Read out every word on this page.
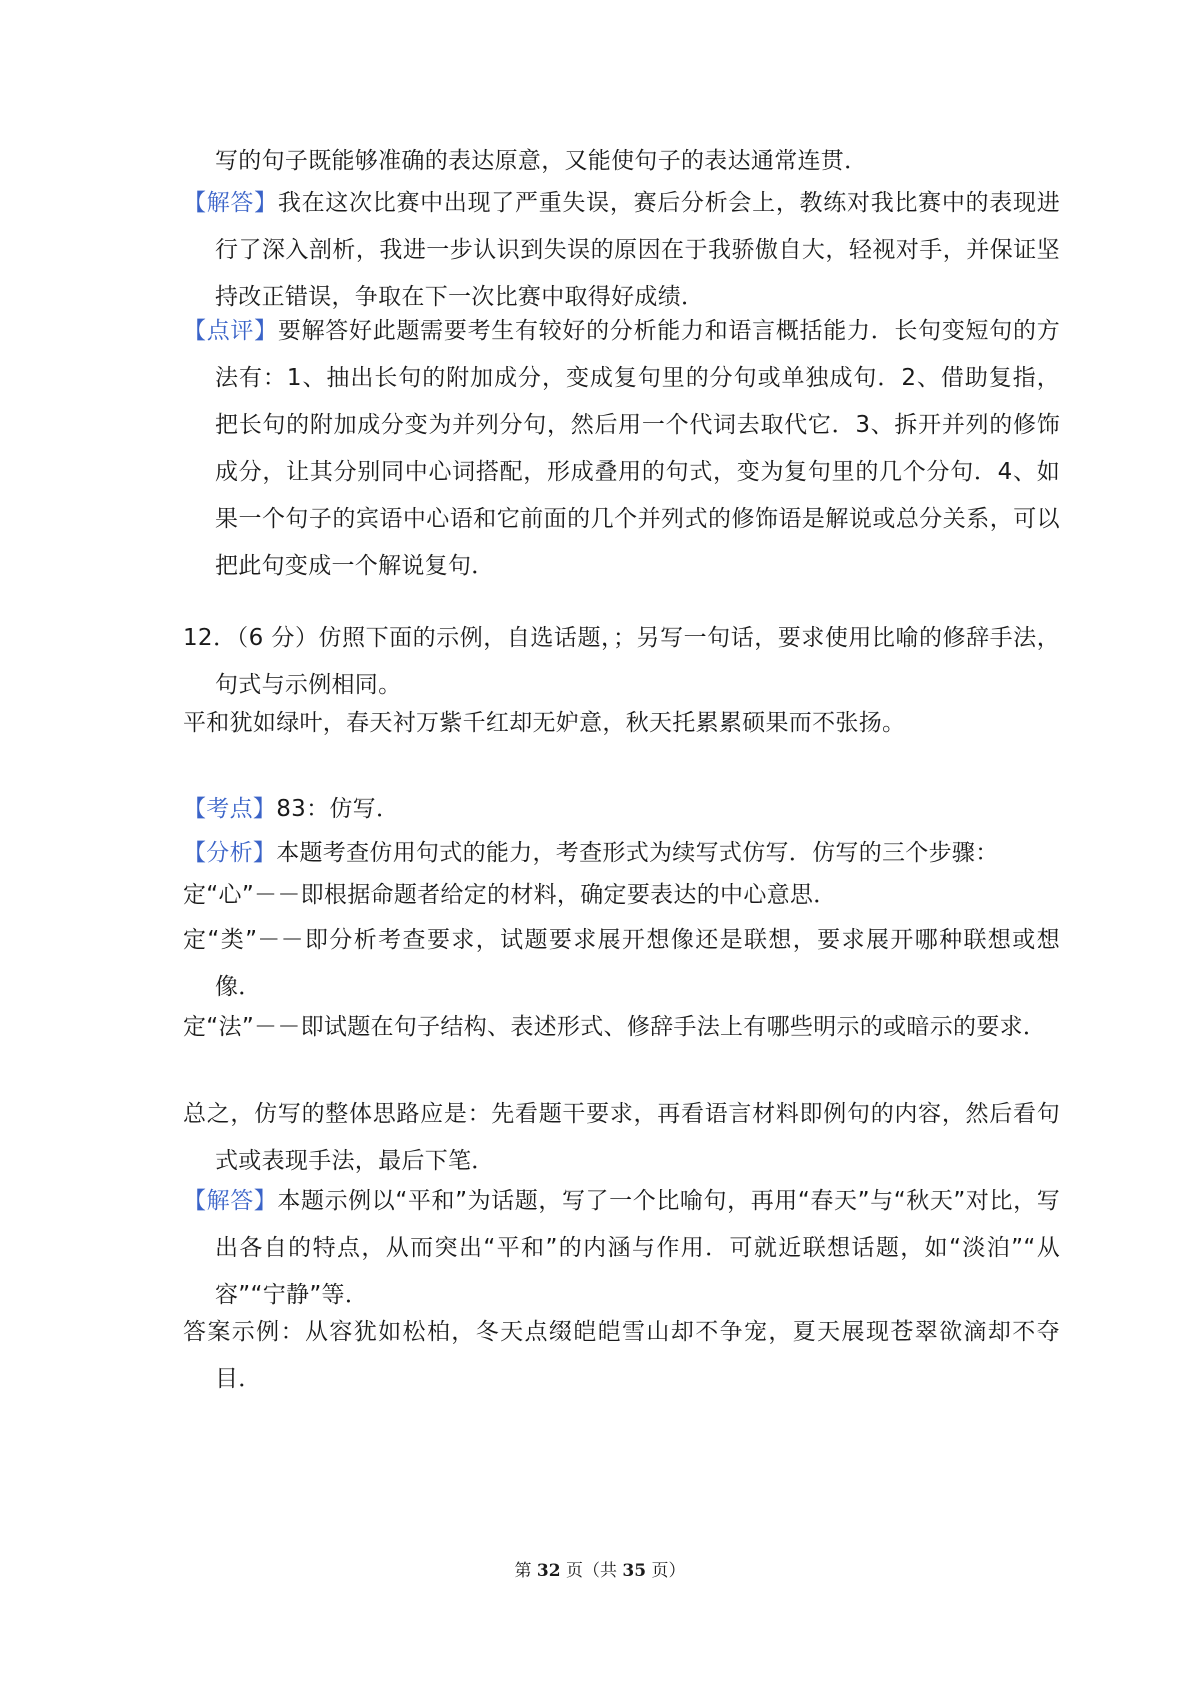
写的句子既能够准确的表达原意，又能使句子的表达通常连贯．
【解答】我在这次比赛中出现了严重失误，赛后分析会上，教练对我比赛中的表现进行了深入剖析，我进一步认识到失误的原因在于我骄傲自大，轻视对手，并保证坚持改正错误，争取在下一次比赛中取得好成绩．
【点评】要解答好此题需要考生有较好的分析能力和语言概括能力．长句变短句的方法有：1、抽出长句的附加成分，变成复句里的分句或单独成句．2、借助复指，把长句的附加成分变为并列分句，然后用一个代词去取代它．3、拆开并列的修饰成分，让其分别同中心词搭配，形成叠用的句式，变为复句里的几个分句．4、如果一个句子的宾语中心语和它前面的几个并列式的修饰语是解说或总分关系，可以把此句变成一个解说复句．
12．（6 分）仿照下面的示例，自选话题，；另写一句话，要求使用比喻的修辞手法，句式与示例相同。
平和犹如绿叶，春天衬万紫千红却无妒意，秋天托累累硕果而不张扬。
【考点】83：仿写．
【分析】本题考查仿用句式的能力，考查形式为续写式仿写．仿写的三个步骤：
定“心”－－即根据命题者给定的材料，确定要表达的中心意思．
定“类”－－即分析考查要求，试题要求展开想像还是联想，要求展开哪种联想或想像．
定“法”－－即试题在句子结构、表述形式、修辞手法上有哪些明示的或暗示的要求．
总之，仿写的整体思路应是：先看题干要求，再看语言材料即例句的内容，然后看句式或表现手法，最后下笔．
【解答】本题示例以“平和”为话题，写了一个比喻句，再用“春天”与“秋天”对比，写出各自的特点，从而突出“平和”的内涵与作用．可就近联想话题，如“淡泊”“从容”“宁静”等．
答案示例：从容犹如松柏，冬天点缀皑皑雪山却不争宠，夏天展现苍翠欲滴却不夺目．
第 32 页（共 35 页）
